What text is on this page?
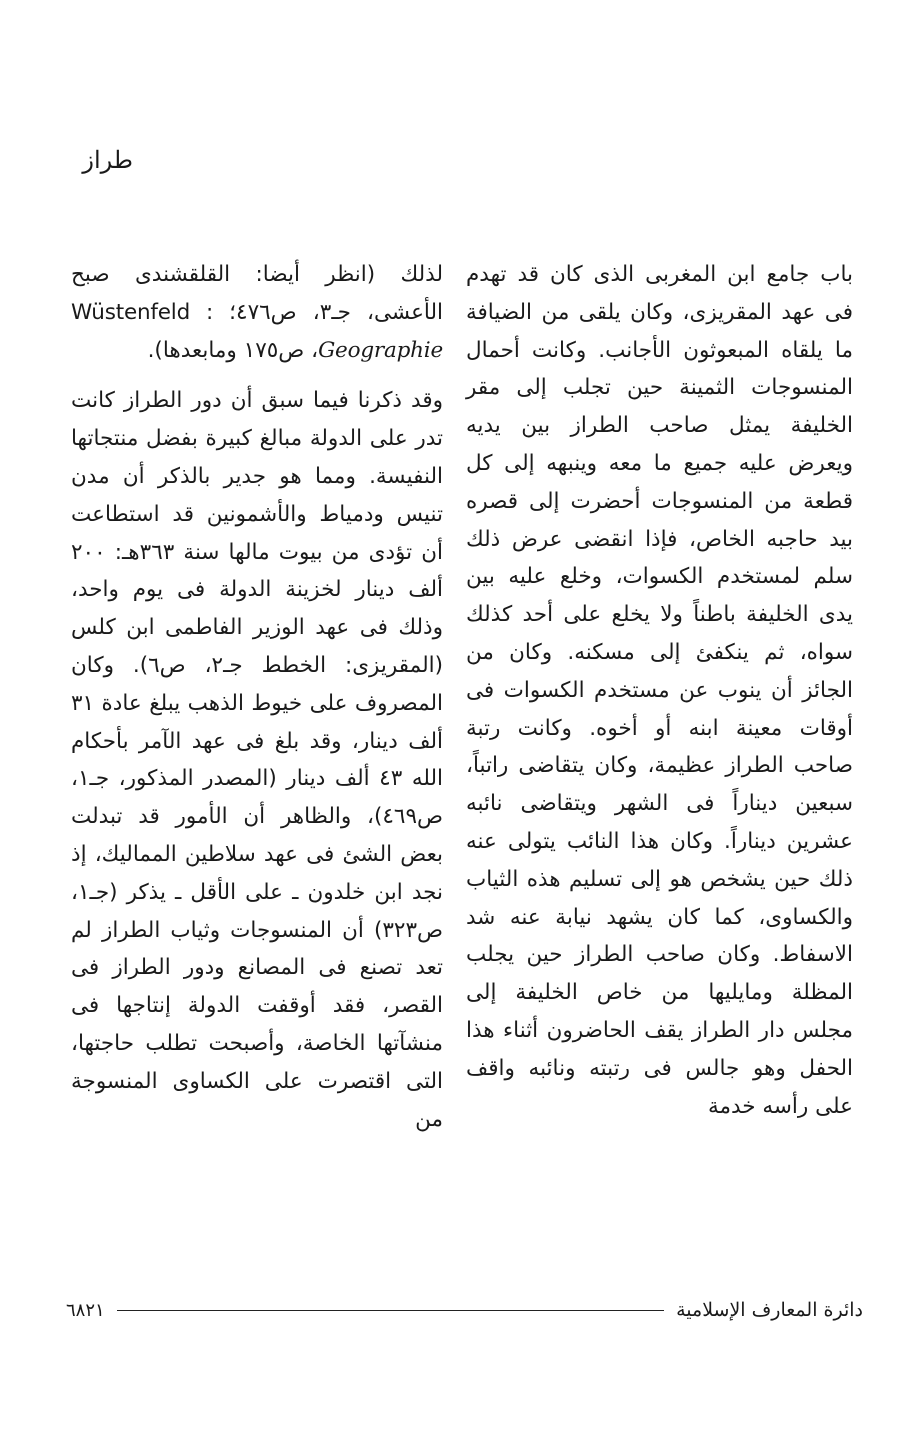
طراز

باب جامع ابن المغربى الذى كان قد تهدم فى عهد المقريزى، وكان يلقى من الضيافة ما يلقاه المبعوثون الأجانب. وكانت أحمال المنسوجات الثمينة حين تجلب إلى مقر الخليفة يمثل صاحب الطراز بين يديه ويعرض عليه جميع ما معه وينبهه إلى كل قطعة من المنسوجات أحضرت إلى قصره بيد حاجبه الخاص، فإذا انقضى عرض ذلك سلم لمستخدم الكسوات، وخلع عليه بين يدى الخليفة باطناً ولا يخلع على أحد كذلك سواه، ثم ينكفئ إلى مسكنه. وكان من الجائز أن ينوب عن مستخدم الكسوات فى أوقات معينة ابنه أو أخوه. وكانت رتبة صاحب الطراز عظيمة، وكان يتقاضى راتباً، سبعين ديناراً فى الشهر ويتقاضى نائبه عشرين ديناراً. وكان هذا النائب يتولى عنه ذلك حين يشخص هو إلى تسليم هذه الثياب والكساوى، كما كان يشهد نيابة عنه شد الاسفاط. وكان صاحب الطراز حين يجلب المظلة ومايليها من خاص الخليفة إلى مجلس دار الطراز يقف الحاضرون أثناء هذا الحفل وهو جالس فى رتبته ونائبه واقف على رأسه خدمة

لذلك (انظر أيضا: القلقشندى صبح الأعشى، جـ٣، ص٤٧٦؛ Wüstenfeld : Geographie، ص١٧٥ ومابعدها).

وقد ذكرنا فيما سبق أن دور الطراز كانت تدر على الدولة مبالغ كبيرة بفضل منتجاتها النفيسة. ومما هو جدير بالذكر أن مدن تنيس ودمياط والأشمونين قد استطاعت أن تؤدى من بيوت مالها سنة ٣٦٣هـ: ٢٠٠ ألف دينار لخزينة الدولة فى يوم واحد، وذلك فى عهد الوزير الفاطمى ابن كلس (المقريزى: الخطط جـ٢، ص٦). وكان المصروف على خيوط الذهب يبلغ عادة ٣١ ألف دينار، وقد بلغ فى عهد الآمر بأحكام الله ٤٣ ألف دينار (المصدر المذكور، جـ١، ص٤٦٩)، والظاهر أن الأمور قد تبدلت بعض الشئ فى عهد سلاطين المماليك، إذ نجد ابن خلدون ـ على الأقل ـ يذكر (جـ١، ص٣٢٣) أن المنسوجات وثياب الطراز لم تعد تصنع فى المصانع ودور الطراز فى القصر، فقد أوقفت الدولة إنتاجها فى منشآتها الخاصة، وأصبحت تطلب حاجتها، التى اقتصرت على الكساوى المنسوجة من

٦٨٢١	دائرة المعارف الإسلامية
